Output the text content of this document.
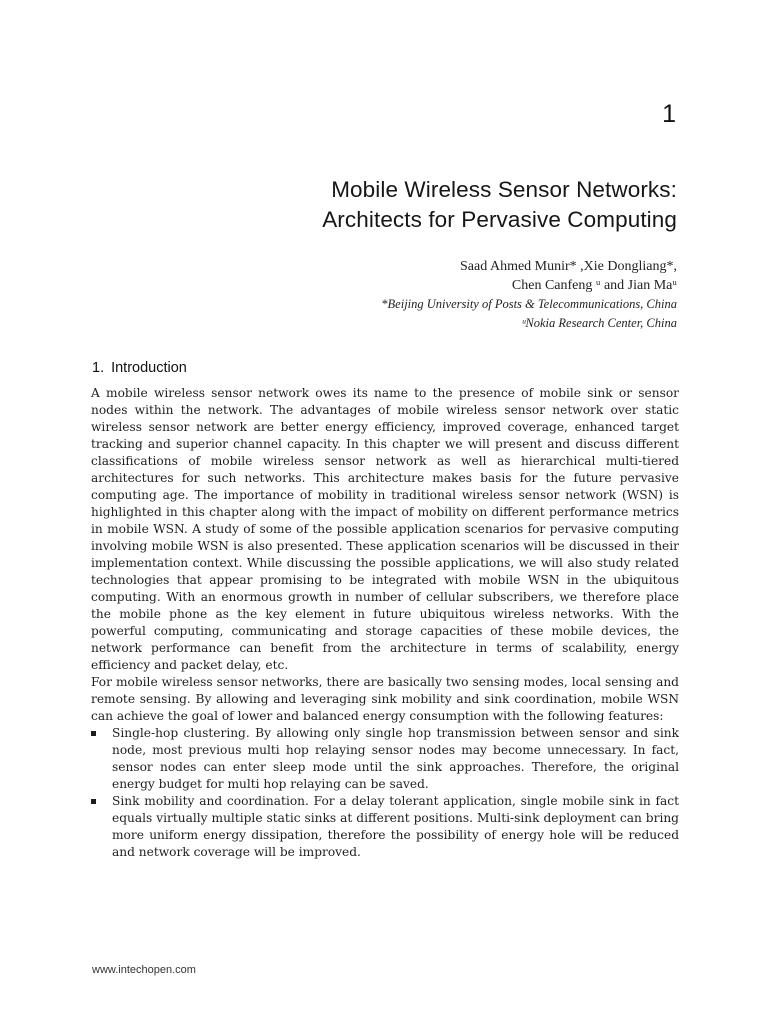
1
Mobile Wireless Sensor Networks:
Architects for Pervasive Computing
Saad Ahmed Munir* ,Xie Dongliang*,
Chen Canfeng ᵘ and Jian Maᵘ
*Beijing University of Posts & Telecommunications, China
ᵘNokia Research Center, China
1. Introduction

A mobile wireless sensor network owes its name to the presence of mobile sink or sensor nodes within the network. The advantages of mobile wireless sensor network over static wireless sensor network are better energy efficiency, improved coverage, enhanced target tracking and superior channel capacity. In this chapter we will present and discuss different classifications of mobile wireless sensor network as well as hierarchical multi-tiered architectures for such networks. This architecture makes basis for the future pervasive computing age. The importance of mobility in traditional wireless sensor network (WSN) is highlighted in this chapter along with the impact of mobility on different performance metrics in mobile WSN. A study of some of the possible application scenarios for pervasive computing involving mobile WSN is also presented. These application scenarios will be discussed in their implementation context. While discussing the possible applications, we will also study related technologies that appear promising to be integrated with mobile WSN in the ubiquitous computing. With an enormous growth in number of cellular subscribers, we therefore place the mobile phone as the key element in future ubiquitous wireless networks. With the powerful computing, communicating and storage capacities of these mobile devices, the network performance can benefit from the architecture in terms of scalability, energy efficiency and packet delay, etc.

For mobile wireless sensor networks, there are basically two sensing modes, local sensing and remote sensing. By allowing and leveraging sink mobility and sink coordination, mobile WSN can achieve the goal of lower and balanced energy consumption with the following features:

Single-hop clustering. By allowing only single hop transmission between sensor and sink node, most previous multi hop relaying sensor nodes may become unnecessary. In fact, sensor nodes can enter sleep mode until the sink approaches. Therefore, the original energy budget for multi hop relaying can be saved.
Sink mobility and coordination. For a delay tolerant application, single mobile sink in fact equals virtually multiple static sinks at different positions. Multi-sink deployment can bring more uniform energy dissipation, therefore the possibility of energy hole will be reduced and network coverage will be improved.
www.intechopen.com
